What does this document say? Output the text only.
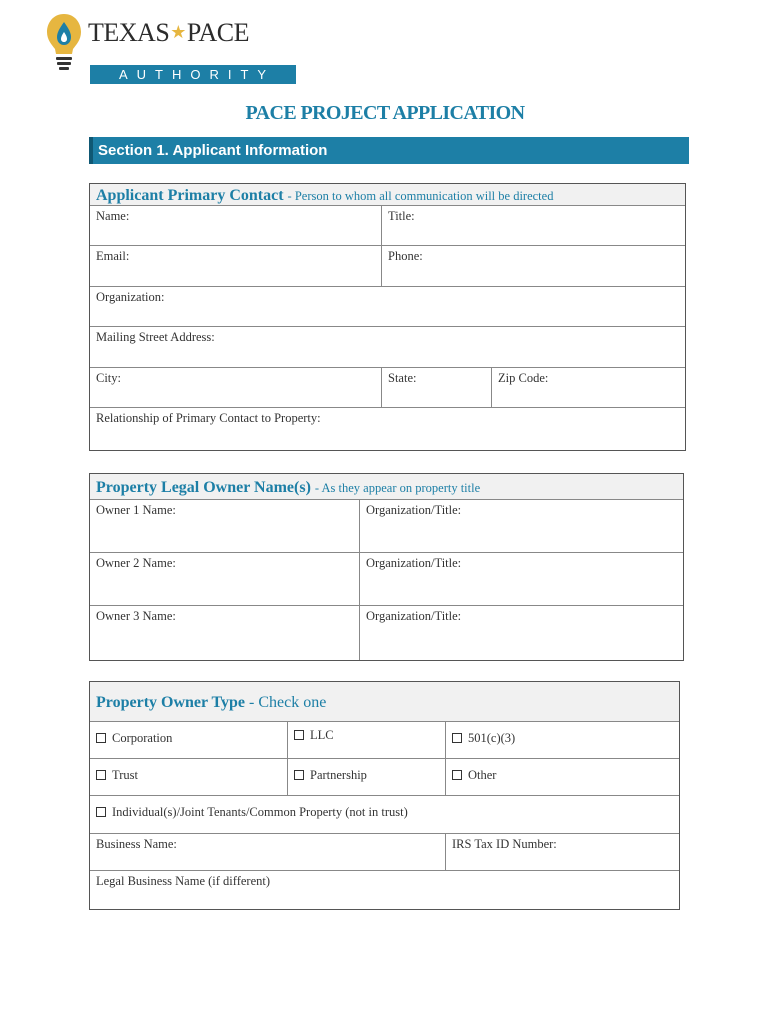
TEXAS★PACE
AUTHORITY
PACE PROJECT APPLICATION
Section 1. Applicant Information
Applicant Primary Contact - Person to whom all communication will be directed
Name:	Title:
Email:	Phone:
Organization:
Mailing Street Address:
City:	State:	Zip Code:
Relationship of Primary Contact to Property:
Property Legal Owner Name(s) - As they appear on property title
Owner 1 Name:	Organization/Title:
Owner 2 Name:	Organization/Title:
Owner 3 Name:	Organization/Title:
Property Owner Type - Check one
Corporation	LLC	501(c)(3)
Trust	Partnership	Other
Individual(s)/Joint Tenants/Common Property (not in trust)
Business Name:	IRS Tax ID Number:
Legal Business Name (if different)
